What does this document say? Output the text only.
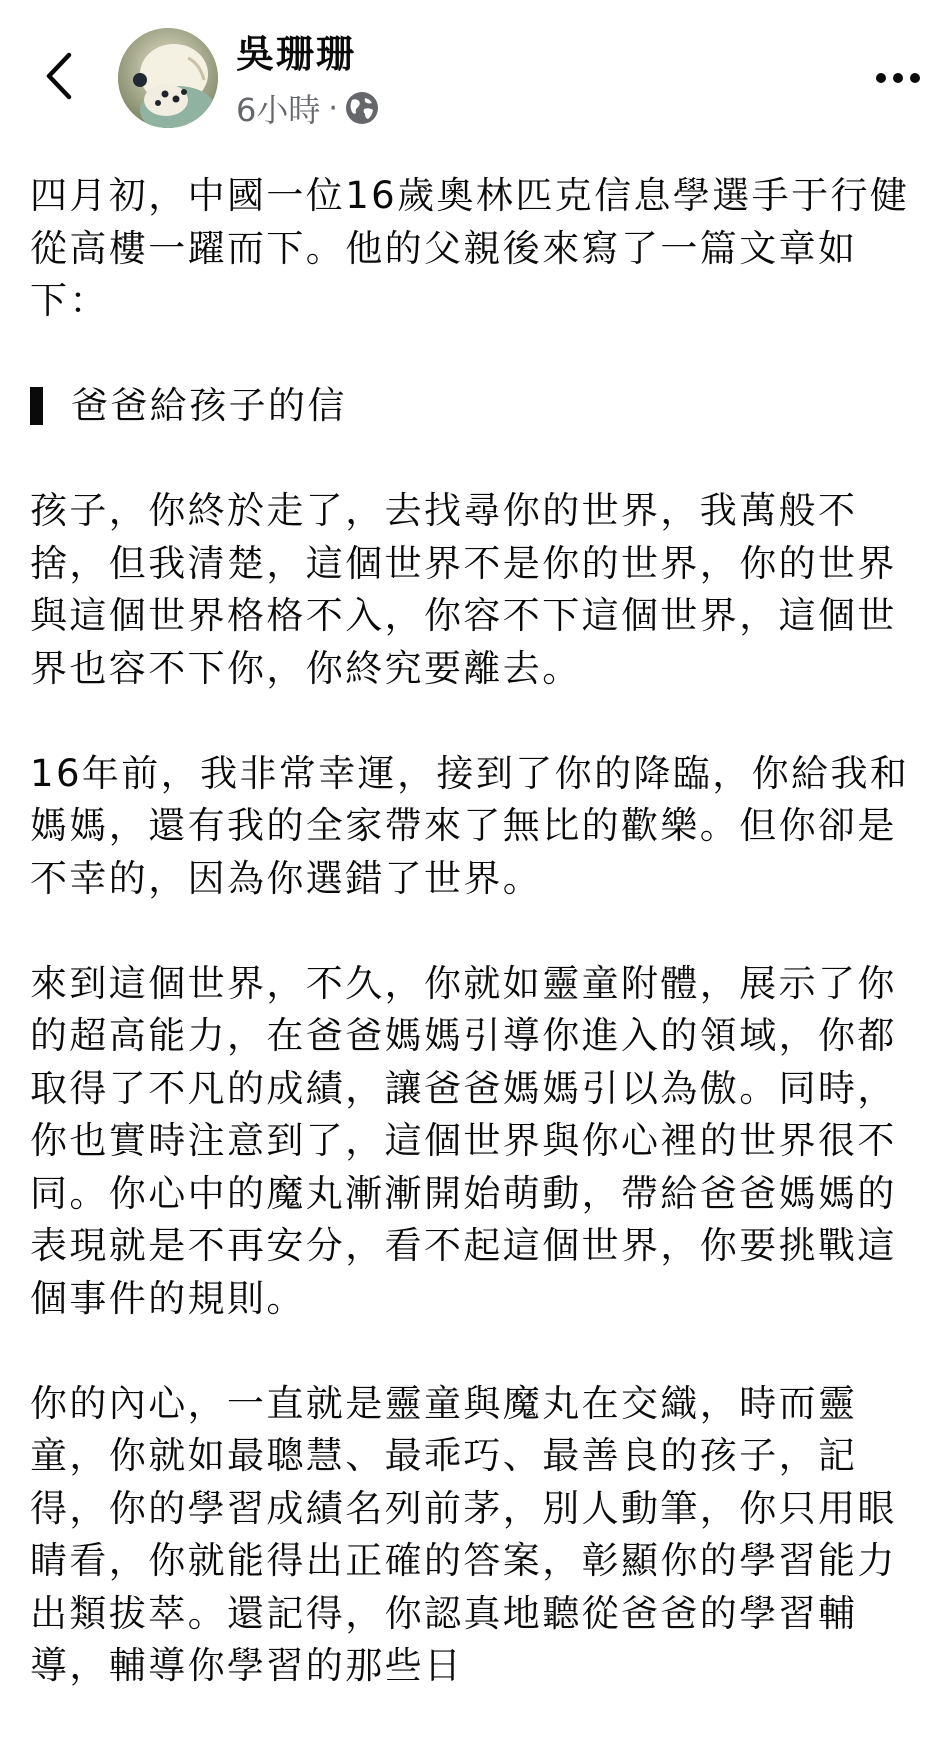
吳珊珊
6小時 ·

四月初，中國一位16歲奧林匹克信息學選手于行健從高樓一躍而下。他的父親後來寫了一篇文章如下：

爸爸給孩子的信

孩子，你終於走了，去找尋你的世界，我萬般不捨，但我清楚，這個世界不是你的世界，你的世界與這個世界格格不入，你容不下這個世界，這個世界也容不下你，你終究要離去。

16年前，我非常幸運，接到了你的降臨，你給我和媽媽，還有我的全家帶來了無比的歡樂。但你卻是不幸的，因為你選錯了世界。

來到這個世界，不久，你就如靈童附體，展示了你的超高能力，在爸爸媽媽引導你進入的領域，你都取得了不凡的成績，讓爸爸媽媽引以為傲。同時，你也實時注意到了，這個世界與你心裡的世界很不同。你心中的魔丸漸漸開始萌動，帶給爸爸媽媽的表現就是不再安分，看不起這個世界，你要挑戰這個事件的規則。

你的內心，一直就是靈童與魔丸在交織，時而靈童，你就如最聰慧、最乖巧、最善良的孩子，記得，你的學習成績名列前茅，別人動筆，你只用眼睛看，你就能得出正確的答案，彰顯你的學習能力出類拔萃。還記得，你認真地聽從爸爸的學習輔導，輔導你學習的那些日
